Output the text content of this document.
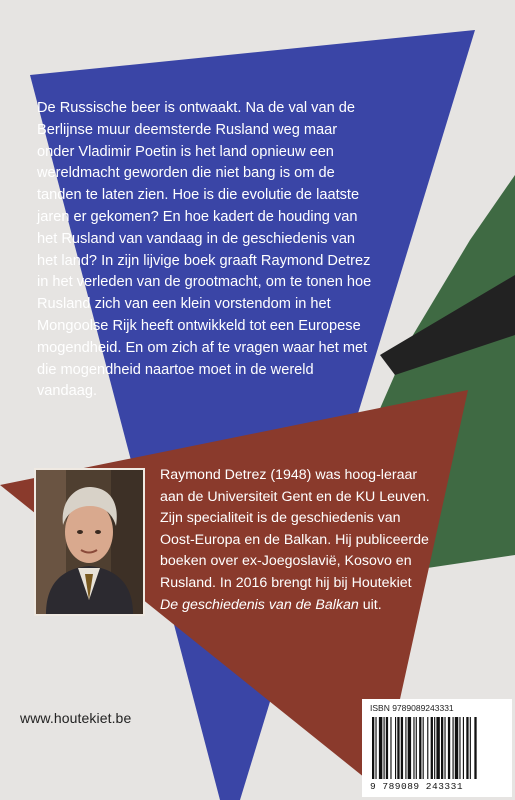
De Russische beer is ontwaakt. Na de val van de Berlijnse muur deemsterde Rusland weg maar onder Vladimir Poetin is het land opnieuw een wereldmacht geworden die niet bang is om de tanden te laten zien. Hoe is die evolutie de laatste jaren er gekomen? En hoe kadert de houding van het Rusland van vandaag in de geschiedenis van het land? In zijn lijvige boek graaft Raymond Detrez in het verleden van de grootmacht, om te tonen hoe Rusland zich van een klein vorstendom in het Mongoolse Rijk heeft ontwikkeld tot een Europese mogendheid. En om zich af te vragen waar het met die mogendheid naartoe moet in de wereld vandaag.

Raymond Detrez (1948) was hoog-leraar aan de Universiteit Gent en de KU Leuven. Zijn specialiteit is de geschiedenis van Oost-Europa en de Balkan. Hij publiceerde boeken over ex-Joegoslavië, Kosovo en Rusland. In 2016 brengt hij bij Houtekiet De geschiedenis van de Balkan uit.

www.houtekiet.be
ISBN 9789089243331
9 789089 243331
